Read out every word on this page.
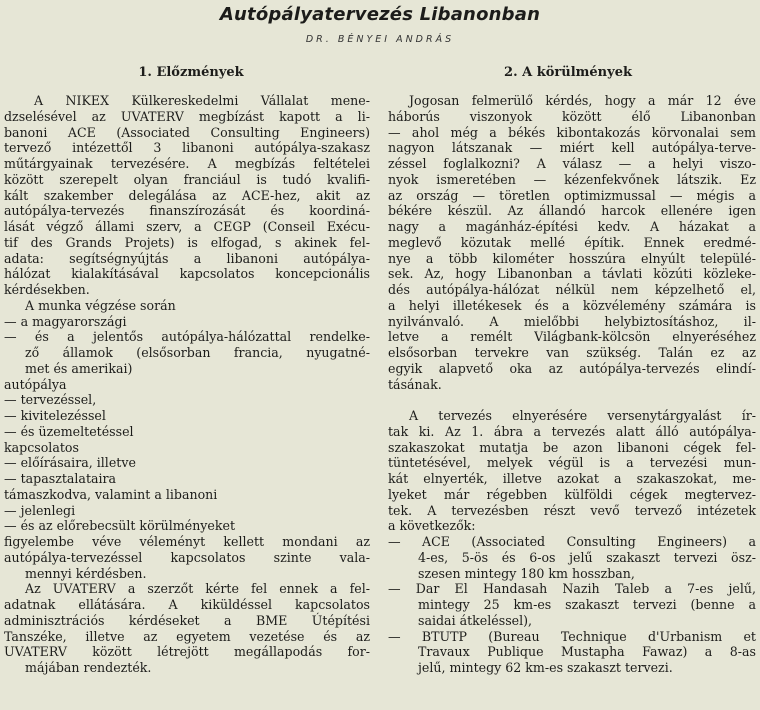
Autópályatervezés Libanonban
DR. BÉNYEI ANDRÁS
1. Előzmények
A NIKEX Külkereskedelmi Vállalat mene-
dzselésével az UVATERV megbízást kapott a li-
banoni ACE (Associated Consulting Engineers)
tervező intézettől 3 libanoni autópálya-szakasz
műtárgyainak tervezésére. A megbízás feltételei
között szerepelt olyan franciául is tudó kvalifi-
kált szakember delegálása az ACE-hez, akit az
autópálya-tervezés finanszírozását és koordiná-
lását végző állami szerv, a CEGP (Conseil Exécu-
tif des Grands Projets) is elfogad, s akinek fel-
adata: segítségnyújtás a libanoni autópálya-
hálózat kialakításával kapcsolatos koncepcionális
kérdésekben.
A munka végzése során
— a magyarországi
— és a jelentős autópálya-hálózattal rendelke-
ző államok (elsősorban francia, nyugatné-
met és amerikai)
autópálya
— tervezéssel,
— kivitelezéssel
— és üzemeltetéssel
kapcsolatos
— előírásaira, illetve
— tapasztalataira
támaszkodva, valamint a libanoni
— jelenlegi
— és az előrebecsült körülményeket
figyelembe véve véleményt kellett mondani az
autópálya-tervezéssel kapcsolatos szinte vala-
mennyi kérdésben.
Az UVATERV a szerzőt kérte fel ennek a fel-
adatnak ellátására. A kiküldéssel kapcsolatos
adminisztrációs kérdéseket a BME Útépítési
Tanszéke, illetve az egyetem vezetése és az
UVATERV között létrejött megállapodás for-
májában rendezték.
2. A körülmények
Jogosan felmerülő kérdés, hogy a már 12 éve
háborús viszonyok között élő Libanonban
— ahol még a békés kibontakozás körvonalai sem
nagyon látszanak — miért kell autópálya-terve-
zéssel foglalkozni? A válasz — a helyi viszo-
nyok ismeretében — kézenfekvőnek látszik. Ez
az ország — töretlen optimizmussal — mégis a
békére készül. Az állandó harcok ellenére igen
nagy a magánház-építési kedv. A házakat a
meglevő közutak mellé építik. Ennek eredmé-
nye a több kilométer hosszúra elnyúlt települé-
sek. Az, hogy Libanonban a távlati közúti közleke-
dés autópálya-hálózat nélkül nem képzelhető el,
a helyi illetékesek és a közvélemény számára is
nyilvánvaló. A mielőbbi helybiztosításhoz, il-
letve a remélt Világbank-kölcsön elnyeréséhez
elsősorban tervekre van szükség. Talán ez az
egyik alapvető oka az autópálya-tervezés elindí-
tásának.
A tervezés elnyerésére versenytárgyalást ír-
tak ki. Az 1. ábra a tervezés alatt álló autópálya-
szakaszokat mutatja be azon libanoni cégek fel-
tüntetésével, melyek végül is a tervezési mun-
kát elnyerték, illetve azokat a szakaszokat, me-
lyeket már régebben külföldi cégek megtervez-
tek. A tervezésben részt vevő tervező intézetek
a következők:
— ACE (Associated Consulting Engineers) a
4-es, 5-ös és 6-os jelű szakaszt tervezi ösz-
szesen mintegy 180 km hosszban,
— Dar El Handasah Nazih Taleb a 7-es jelű,
mintegy 25 km-es szakaszt tervezi (benne a
saidai átkeléssel),
— BTUTP (Bureau Technique d'Urbanism et
Travaux Publique Mustapha Fawaz) a 8-as
jelű, mintegy 62 km-es szakaszt tervezi.
